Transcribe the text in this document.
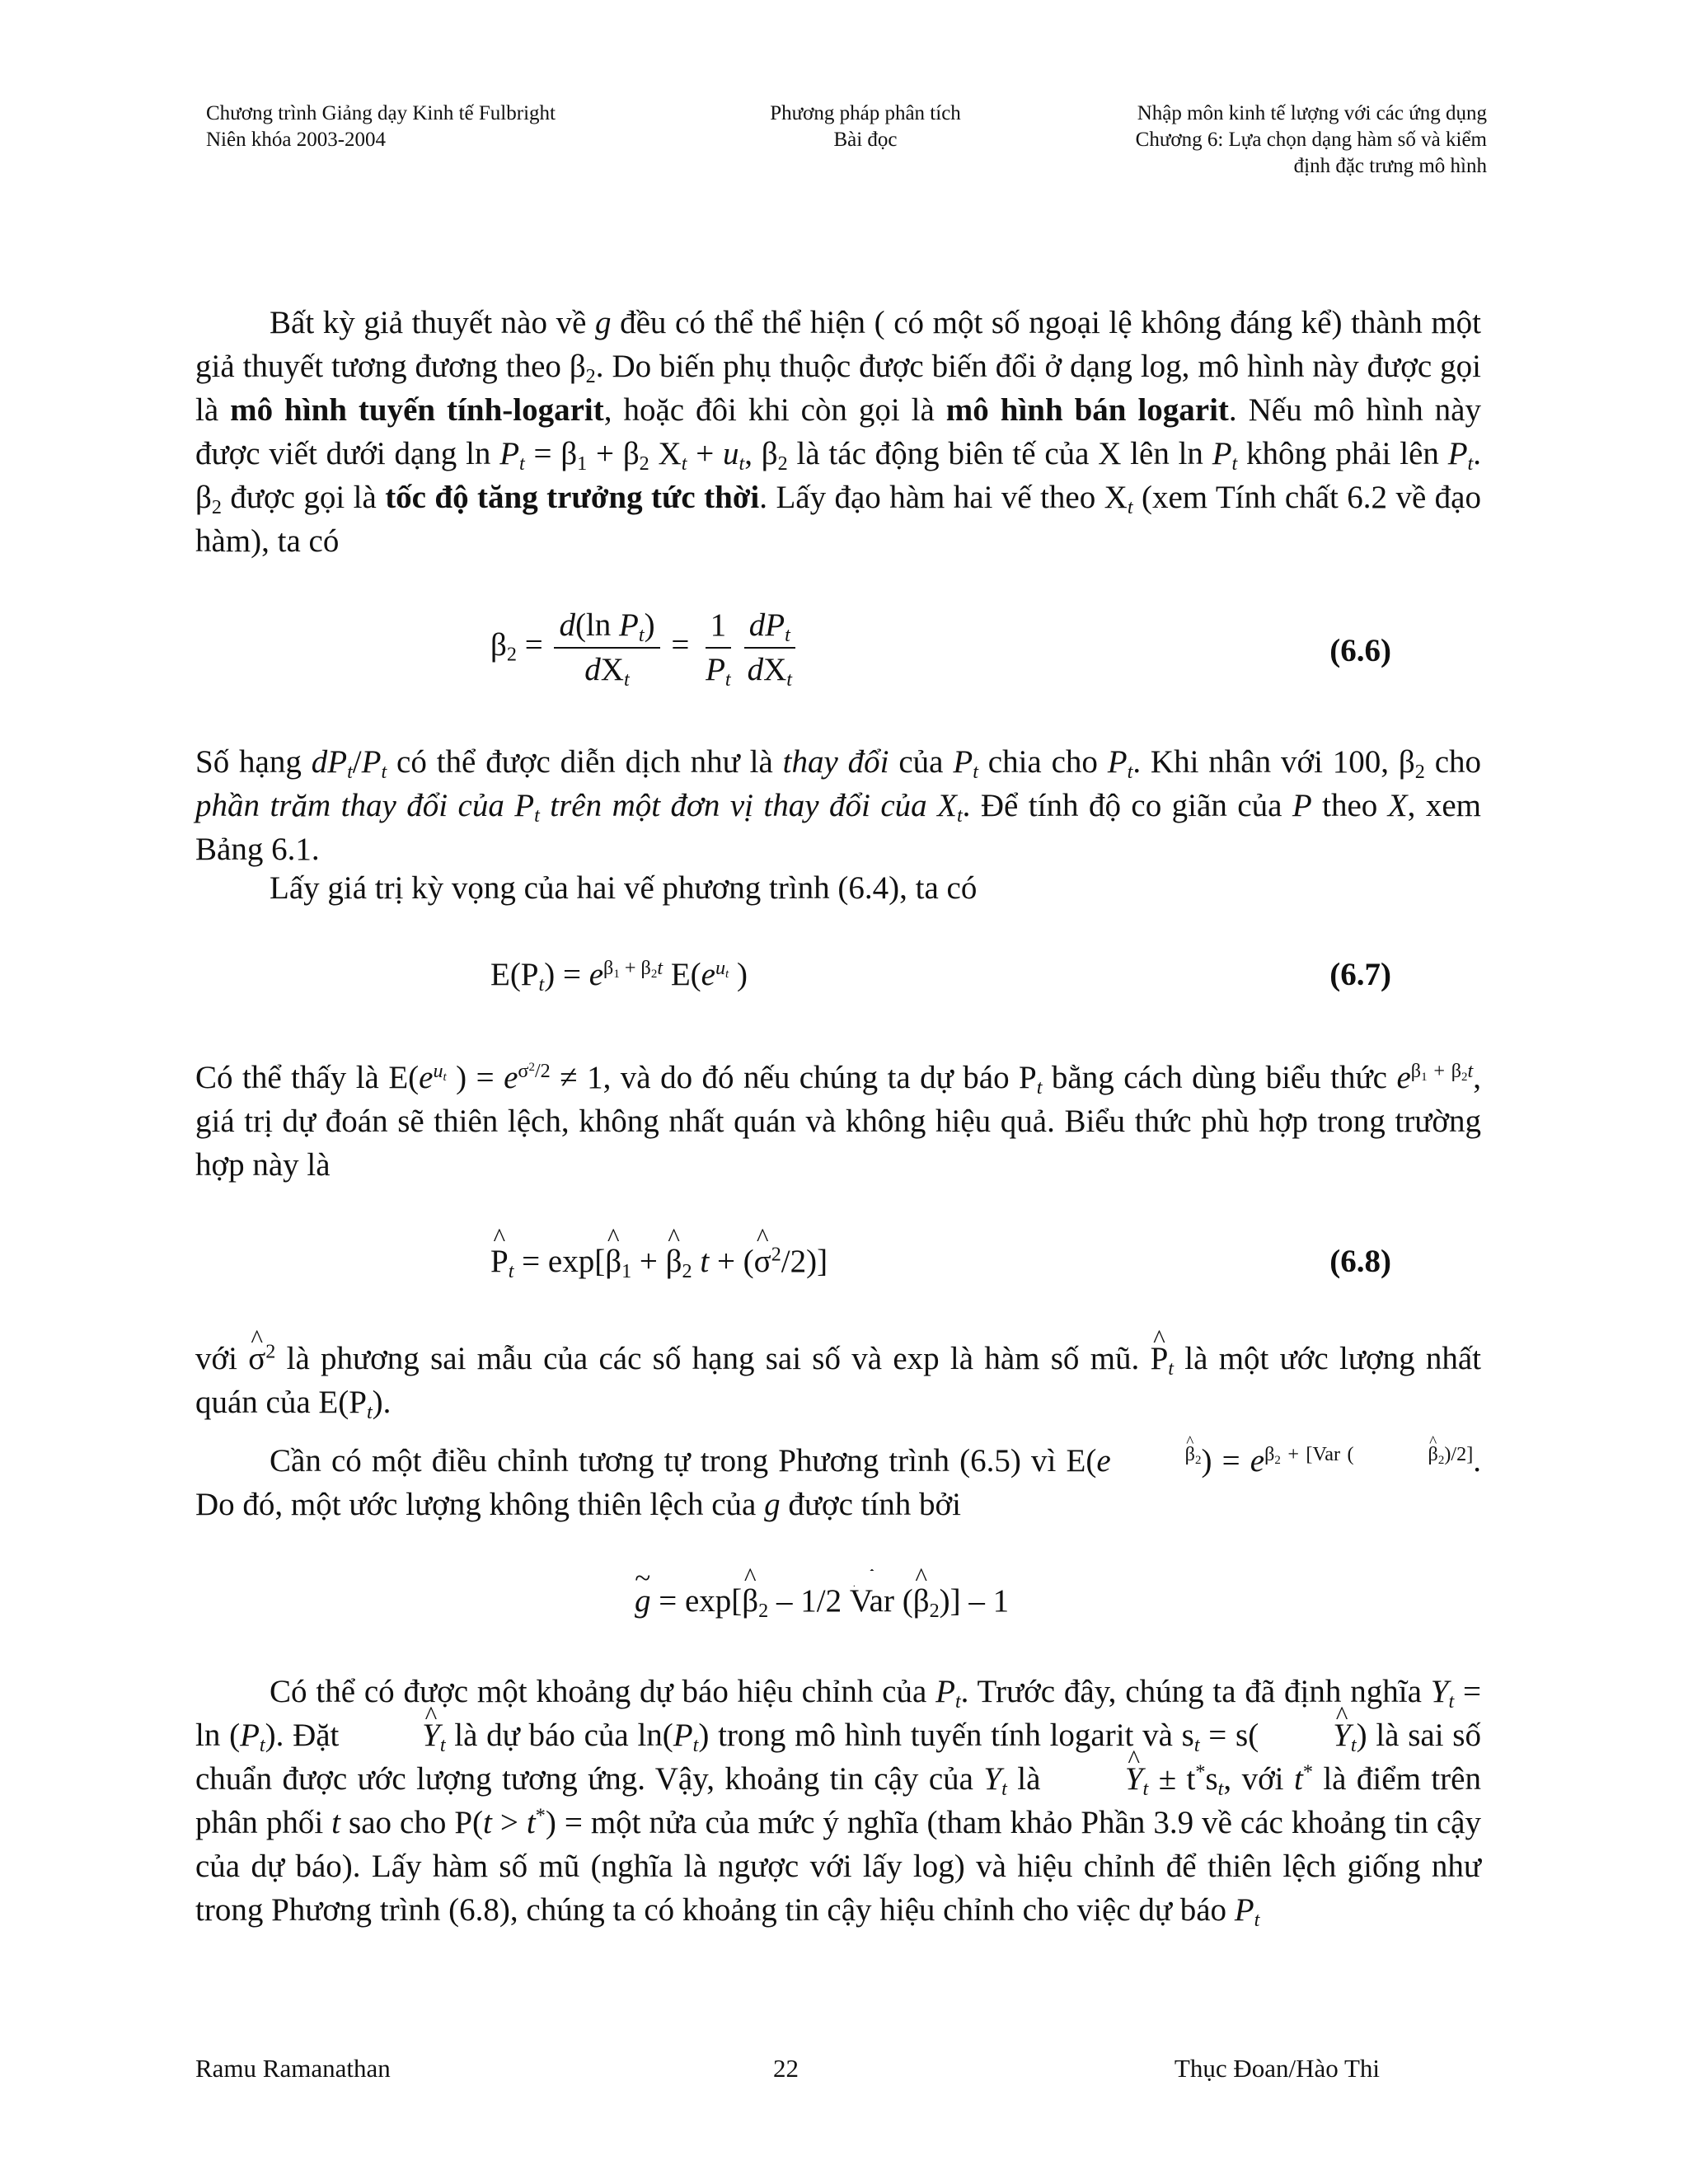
Chương trình Giảng dạy Kinh tế Fulbright
Niên khóa 2003-2004
Phương pháp phân tích
Bài đọc
Nhập môn kinh tế lượng với các ứng dụng
Chương 6: Lựa chọn dạng hàm số và kiểm
định đặc trưng mô hình
Bất kỳ giả thuyết nào về g đều có thể thể hiện ( có một số ngoại lệ không đáng kể) thành một giả thuyết tương đương theo $\beta_2$. Do biến phụ thuộc được biến đổi ở dạng log, mô hình này được gọi là mô hình tuyến tính-logarit, hoặc đôi khi còn gọi là mô hình bán logarit. Nếu mô hình này được viết dưới dạng $\ln P_t = \beta_1 + \beta_2$ $X_t + u_t$, $\beta_2$ là tác động biên tế của X lên $\ln P_t$ không phải lên $P_t$. $\beta_2$ được gọi là tốc độ tăng trưởng tức thời. Lấy đạo hàm hai vế theo $X_t$ (xem Tính chất 6.2 về đạo hàm), ta có
$\beta_2 = \frac{d(\ln P_t)}{dX_t} = \frac{1}{P_t} \frac{dP_t}{dX_t}$	(6.6)
Số hạng $dP_t/P_t$ có thể được diễn dịch như là thay đổi của $P_t$ chia cho $P_t$. Khi nhân với 100, $\beta_2$ cho phần trăm thay đổi của $P_t$ trên một đơn vị thay đổi của $X_t$. Để tính độ co giãn của P theo X, xem Bảng 6.1.
Lấy giá trị kỳ vọng của hai vế phương trình (6.4), ta có
$E(P_t) = e^{\beta_1 + \beta_2t}$ $E(e^{u_t}$ )	(6.7)
Có thể thấy là $E(e^{u_t}$ ) = $e^{\sigma^2/2} \ne 1$, và do đó nếu chúng ta dự báo $P_t$ bằng cách dùng biểu thức $e^{\beta_1 + \beta_2t}$, giá trị dự đoán sẽ thiên lệch, không nhất quán và không hiệu quả. Biểu thức phù hợp trong trường hợp này là
^ $P_t$ = exp[^ $\beta_1$ + ^ $\beta_2$ t + (^ $\sigma^2/2$)]	(6.8)
với ^ $\sigma^2$ là phương sai mẫu của các số hạng sai số và exp là hàm số mũ. ^ $P_t$ là một ước lượng nhất quán của $E(P_t)$.
Cần có một điều chỉnh tương tự trong Phương trình (6.5) vì E(e	$^{\beta_2}) = e^{\beta_2 + [Var ( \beta_2)/2]}$. Do đó, một ước lượng không thiên lệch của g được tính bởi
~ g = exp[^ $\beta_2 - 1/2$ Var (^ $\beta_2)] - 1$
Có thể có được một khoảng dự báo hiệu chỉnh của $P_t$. Trước đây, chúng ta đã định nghĩa $Y_t = \ln (P_t)$. Đặt ^ $Y_t$ là dự báo của $\ln(P_t)$ trong mô hình tuyến tính logarit và $s_t$ = s(^ $Y_t$) là sai số chuẩn được ước lượng tương ứng. Vậy, khoảng tin cậy của $Y_t$ là ^ $Y_t \pm t^*s_t$, với t* là điểm trên phân phối t sao cho P(t > t*) = một nửa của mức ý nghĩa (tham khảo Phần 3.9 về các khoảng tin cậy của dự báo). Lấy hàm số mũ (nghĩa là ngược với lấy log) và hiệu chỉnh để thiên lệch giống như trong Phương trình (6.8), chúng ta có khoảng tin cậy hiệu chỉnh cho việc dự báo $P_t$
Ramu Ramanathan	22	Thục Đoan/Hào Thi
